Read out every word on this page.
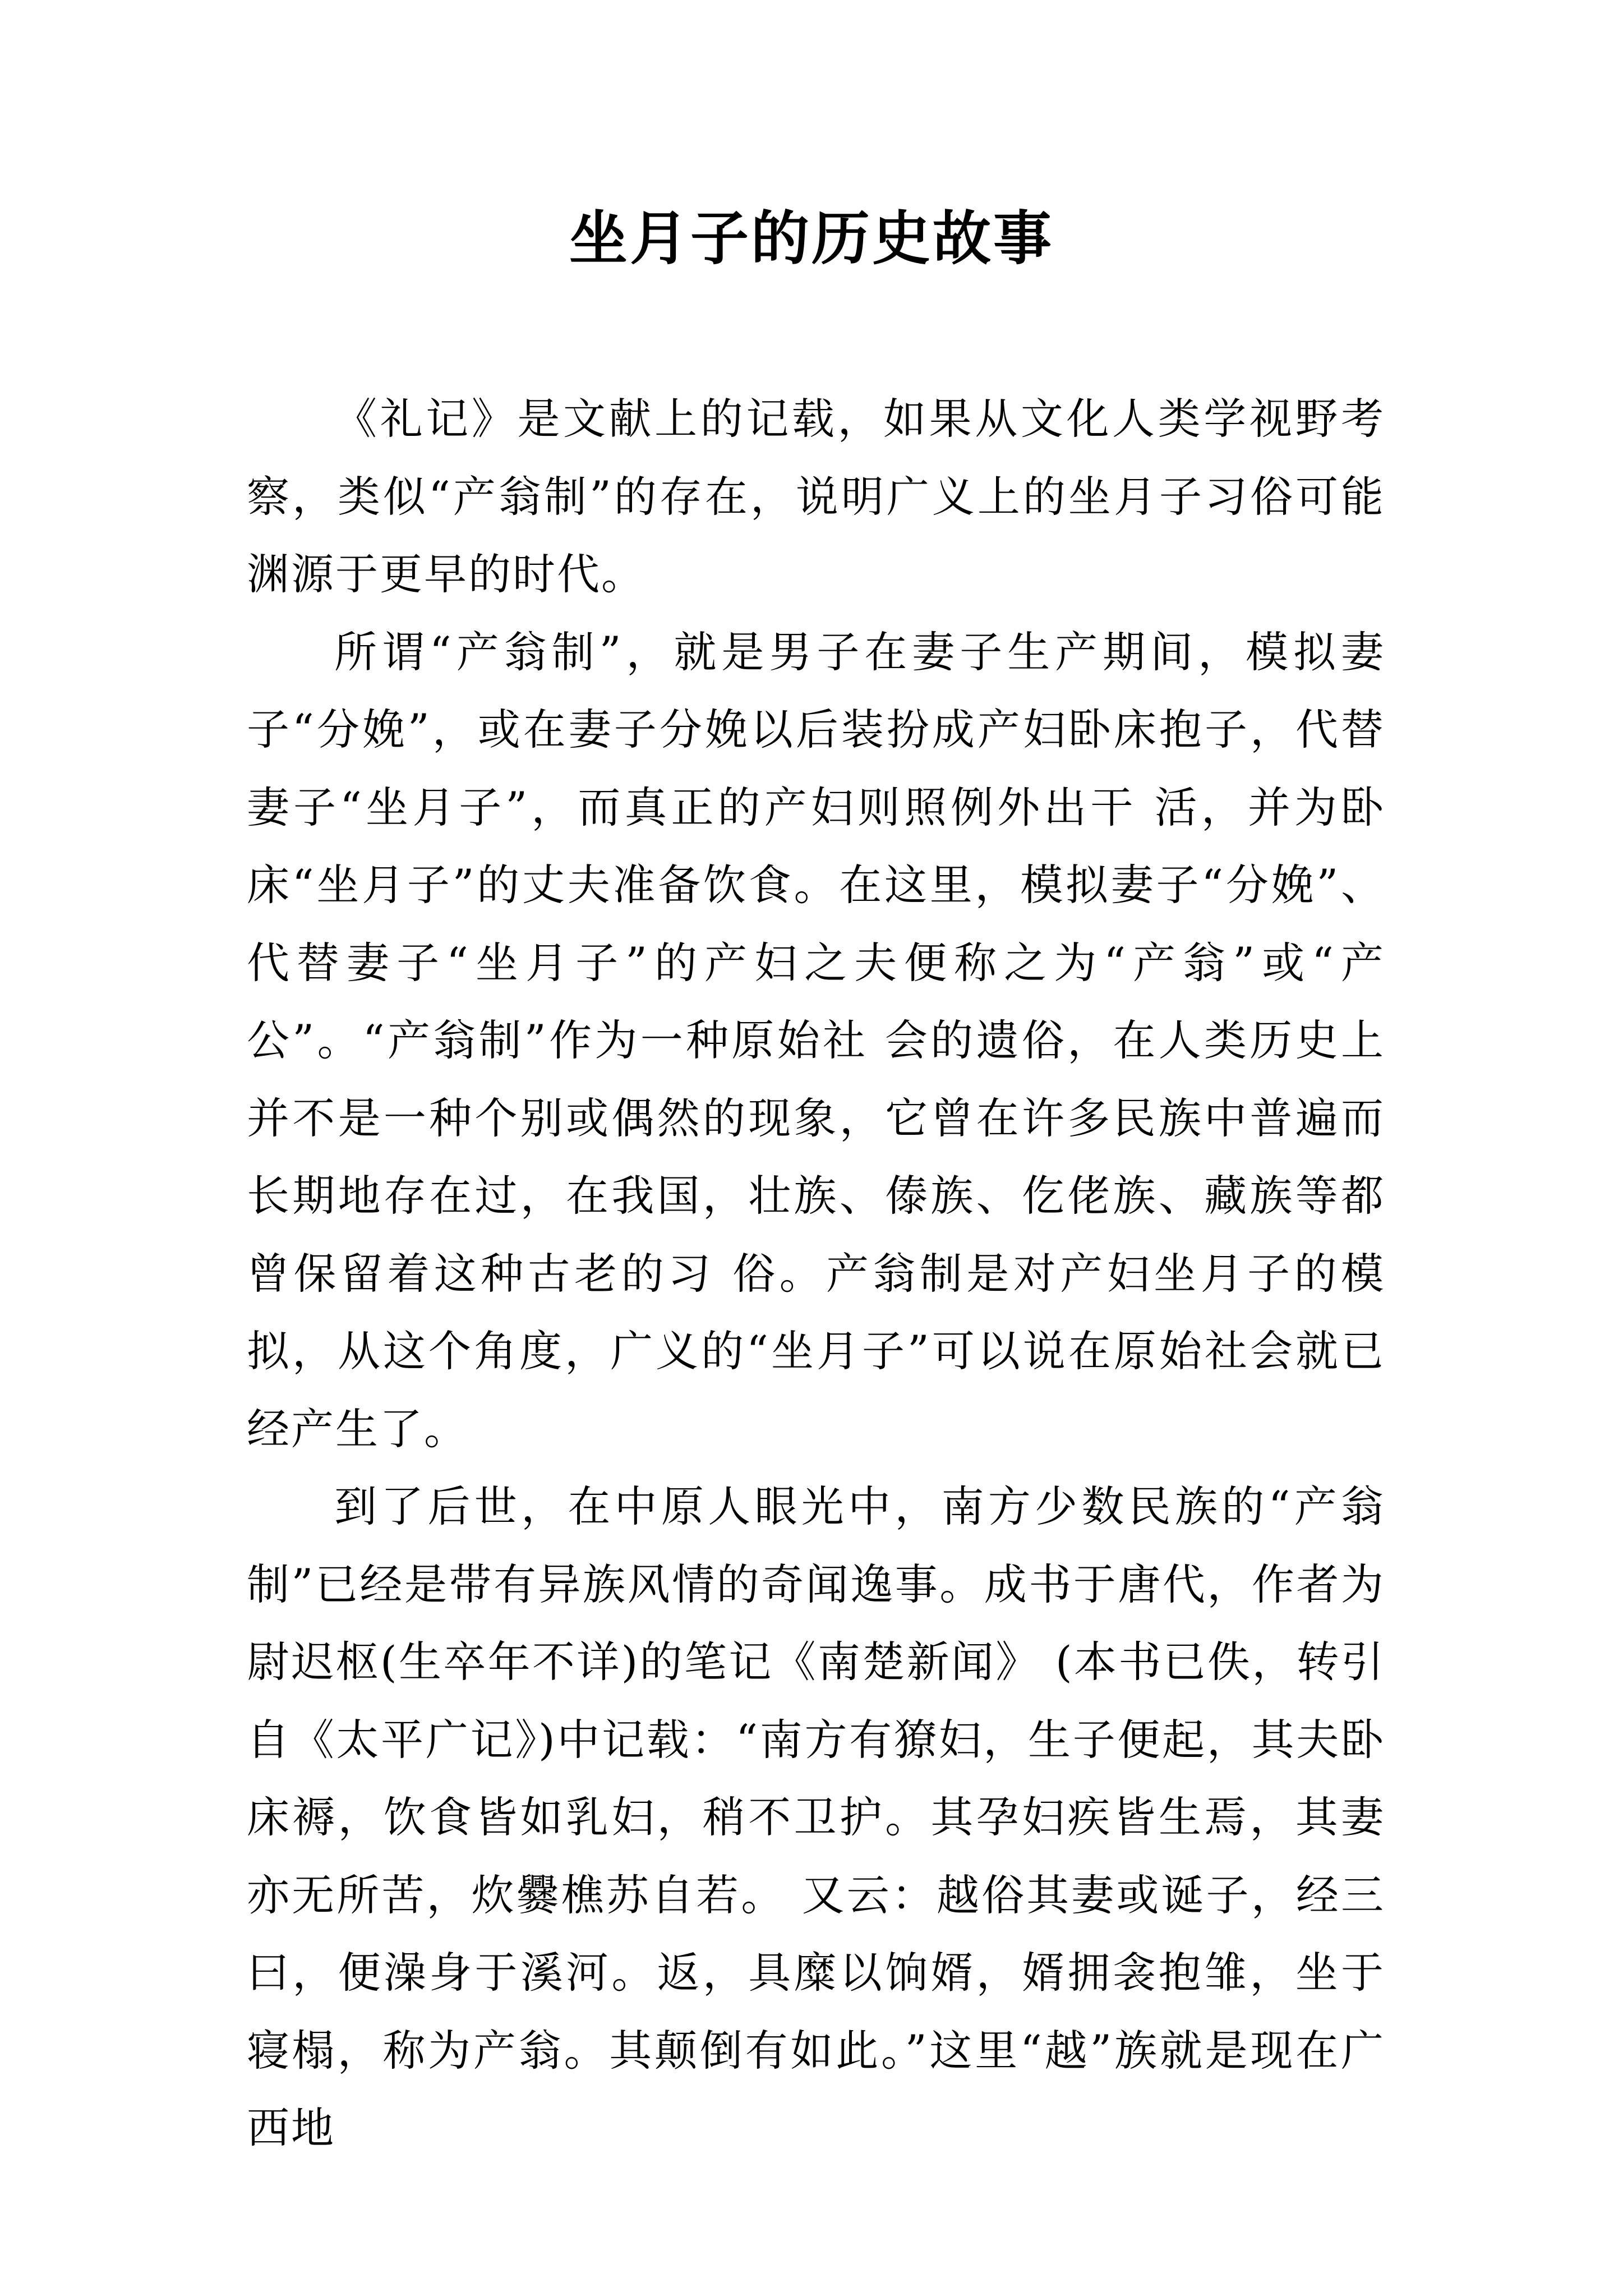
坐月子的历史故事

《礼记》是文献上的记载，如果从文化人类学视野考察，类似“产翁制”的存在，说明广义上的坐月子习俗可能渊源于更早的时代。

所谓“产翁制”，就是男子在妻子生产期间，模拟妻子“分娩”，或在妻子分娩以后装扮成产妇卧床抱子，代替妻子“坐月子”，而真正的产妇则照例外出干 活，并为卧床“坐月子”的丈夫准备饮食。在这里，模拟妻子“分娩”、代替妻子“坐月子”的产妇之夫便称之为“产翁”或“产公”。“产翁制”作为一种原始社 会的遗俗，在人类历史上并不是一种个别或偶然的现象，它曾在许多民族中普遍而长期地存在过，在我国，壮族、傣族、仡佬族、藏族等都曾保留着这种古老的习 俗。产翁制是对产妇坐月子的模拟，从这个角度，广义的“坐月子”可以说在原始社会就已经产生了。

到了后世，在中原人眼光中，南方少数民族的“产翁制”已经是带有异族风情的奇闻逸事。成书于唐代，作者为尉迟枢(生卒年不详)的笔记《南楚新闻》 (本书已佚，转引自《太平广记》)中记载：“南方有獠妇，生子便起，其夫卧床褥，饮食皆如乳妇，稍不卫护。其孕妇疾皆生焉，其妻亦无所苦，炊爨樵苏自若。 又云：越俗其妻或诞子，经三曰，便澡身于溪河。返，具糜以饷婿，婿拥衾抱雏，坐于寝榻，称为产翁。其颠倒有如此。”这里“越”族就是现在广西地
